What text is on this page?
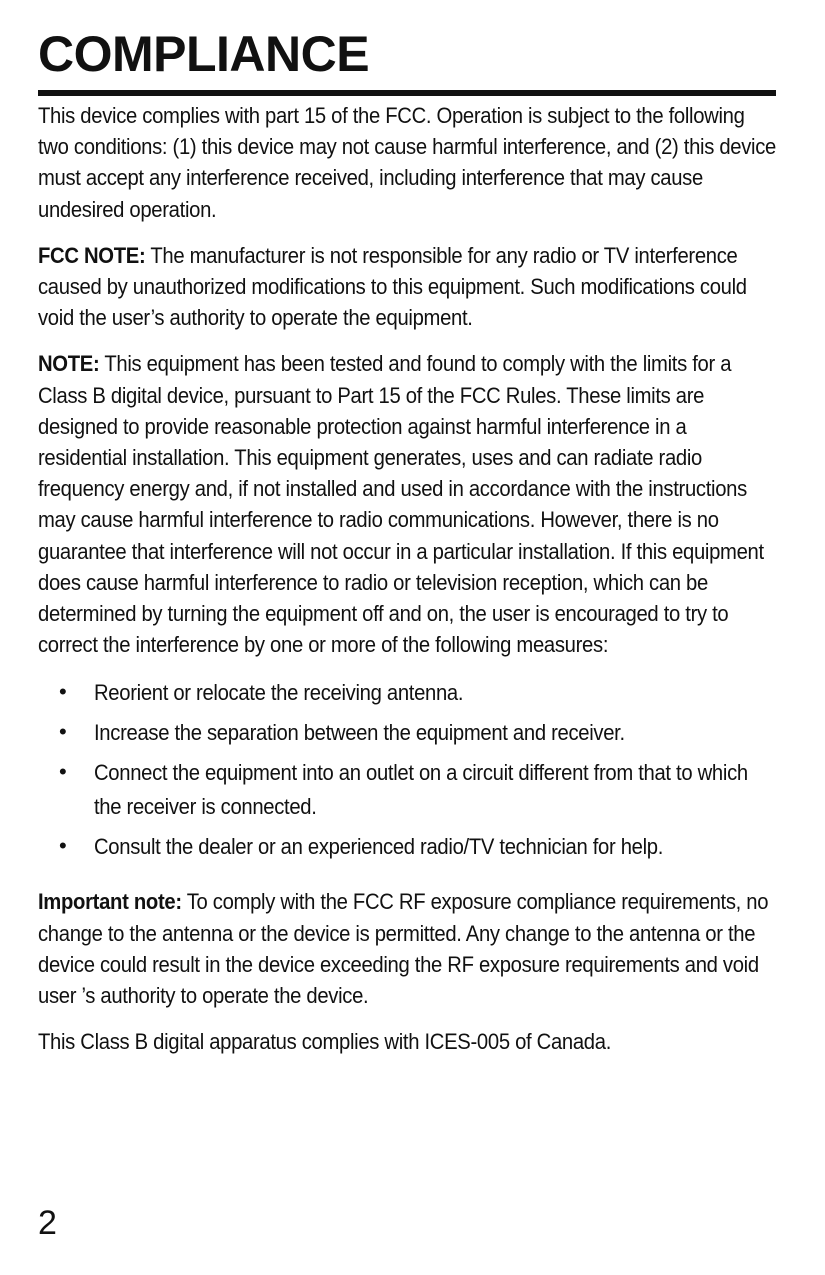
COMPLIANCE

This device complies with part 15 of the FCC. Operation is subject to the following two conditions: (1) this device may not cause harmful interference, and (2) this device must accept any interference received, including interference that may cause undesired operation.

FCC NOTE: The manufacturer is not responsible for any radio or TV interference caused by unauthorized modifications to this equipment. Such modifications could void the user’s authority to operate the equipment.

NOTE: This equipment has been tested and found to comply with the limits for a Class B digital device, pursuant to Part 15 of the FCC Rules. These limits are designed to provide reasonable protection against harmful interference in a residential installation. This equipment generates, uses and can radiate radio frequency energy and, if not installed and used in accordance with the instructions may cause harmful interference to radio communications. However, there is no guarantee that interference will not occur in a particular installation. If this equipment does cause harmful interference to radio or television reception, which can be determined by turning the equipment off and on, the user is encouraged to try to correct the interference by one or more of the following measures:

• Reorient or relocate the receiving antenna.
• Increase the separation between the equipment and receiver.
• Connect the equipment into an outlet on a circuit different from that to which the receiver is connected.
• Consult the dealer or an experienced radio/TV technician for help.

Important note: To comply with the FCC RF exposure compliance requirements, no change to the antenna or the device is permitted. Any change to the antenna or the device could result in the device exceeding the RF exposure requirements and void user ’s authority to operate the device.

This Class B digital apparatus complies with ICES-005 of Canada.

2
